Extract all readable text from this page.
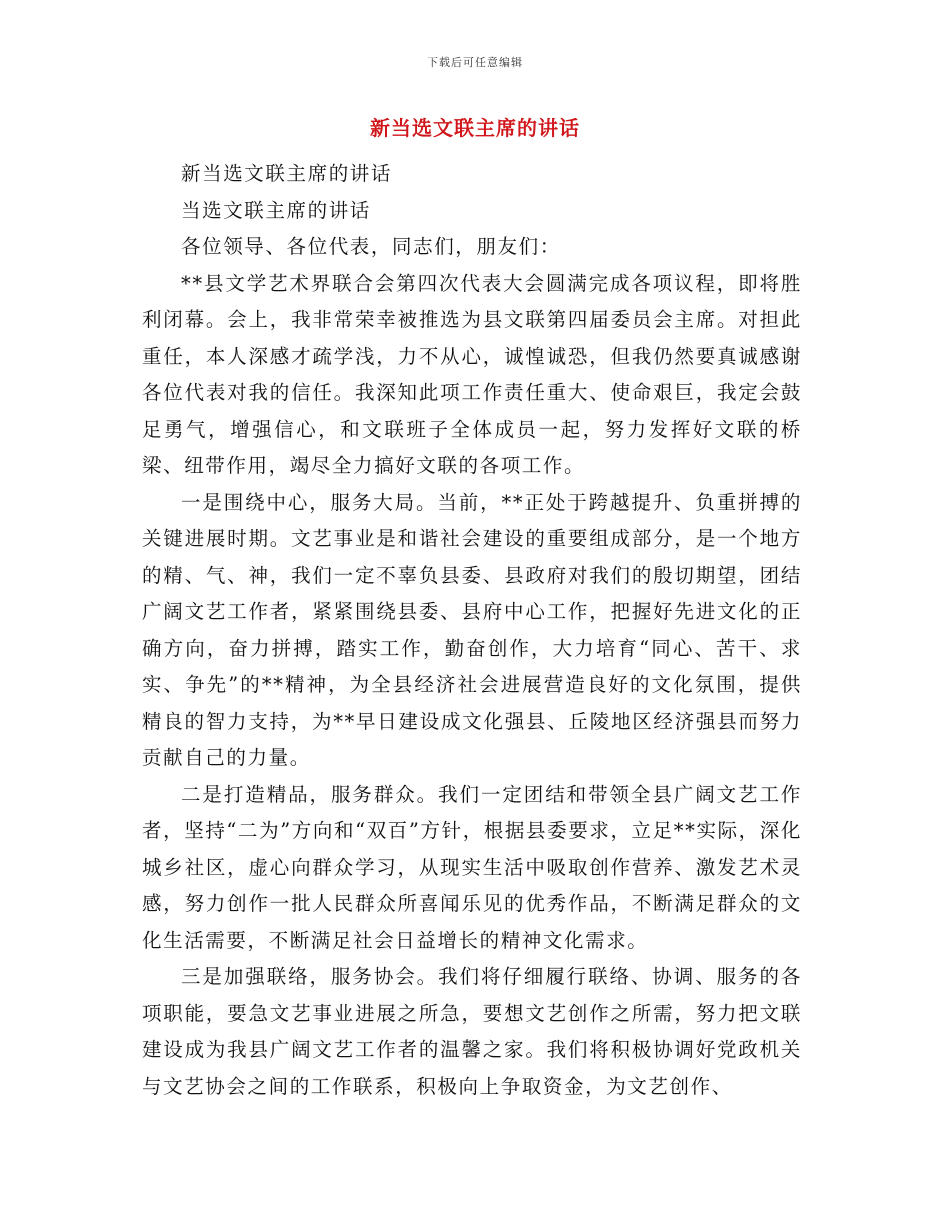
下载后可任意编辑
新当选文联主席的讲话

新当选文联主席的讲话

当选文联主席的讲话

各位领导、各位代表，同志们，朋友们：

**县文学艺术界联合会第四次代表大会圆满完成各项议程，即将胜利闭幕。会上，我非常荣幸被推选为县文联第四届委员会主席。对担此重任，本人深感才疏学浅，力不从心，诚惶诚恐，但我仍然要真诚感谢各位代表对我的信任。我深知此项工作责任重大、使命艰巨，我定会鼓足勇气，增强信心，和文联班子全体成员一起，努力发挥好文联的桥梁、纽带作用，竭尽全力搞好文联的各项工作。

一是围绕中心，服务大局。当前，**正处于跨越提升、负重拼搏的关键进展时期。文艺事业是和谐社会建设的重要组成部分，是一个地方的精、气、神，我们一定不辜负县委、县政府对我们的殷切期望，团结广阔文艺工作者，紧紧围绕县委、县府中心工作，把握好先进文化的正确方向，奋力拼搏，踏实工作，勤奋创作，大力培育“同心、苦干、求实、争先”的**精神，为全县经济社会进展营造良好的文化氛围，提供精良的智力支持，为**早日建设成文化强县、丘陵地区经济强县而努力贡献自己的力量。

二是打造精品，服务群众。我们一定团结和带领全县广阔文艺工作者，坚持“二为”方向和“双百”方针，根据县委要求，立足**实际，深化城乡社区，虚心向群众学习，从现实生活中吸取创作营养、激发艺术灵感，努力创作一批人民群众所喜闻乐见的优秀作品，不断满足群众的文化生活需要，不断满足社会日益增长的精神文化需求。

三是加强联络，服务协会。我们将仔细履行联络、协调、服务的各项职能，要急文艺事业进展之所急，要想文艺创作之所需，努力把文联建设成为我县广阔文艺工作者的温馨之家。我们将积极协调好党政机关与文艺协会之间的工作联系，积极向上争取资金，为文艺创作、
